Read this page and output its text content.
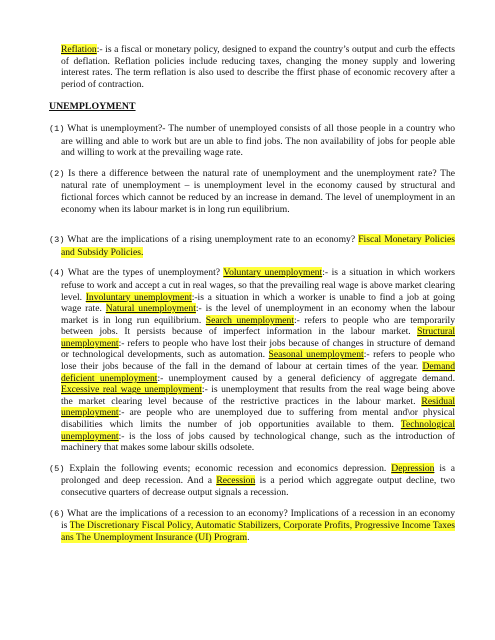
Reflation:- is a fiscal or monetary policy, designed to expand the country’s output and curb the effects of deflation. Reflation policies include reducing taxes, changing the money supply and lowering interest rates. The term reflation is also used to describe the ffirst phase of economic recovery after a period of contraction.

UNEMPLOYMENT

(1) What is unemployment?- The number of unemployed consists of all those people in a country who are willing and able to work but are un able to find jobs. The non availability of jobs for people able and willing to work at the prevailing wage rate.

(2) Is there a difference between the natural rate of unemployment and the unemployment rate? The natural rate of unemployment – is unemployment level in the economy caused by structural and fictional forces which cannot be reduced by an increase in demand. The level of unemployment in an economy when its labour market is in long run equilibrium.

(3) What are the implications of a rising unemployment rate to an economy? Fiscal Monetary Policies and Subsidy Policies.

(4) What are the types of unemployment? Voluntary unemployment:- is a situation in which workers refuse to work and accept a cut in real wages, so that the prevailing real wage is above market clearing level. Involuntary unemployment:-is a situation in which a worker is unable to find a job at going wage rate. Natural unemployment:- is the level of unemployment in an economy when the labour market is in long run equilibrium. Search unemployment:- refers to people who are temporarily between jobs. It persists because of imperfect information in the labour market. Structural unemployment:- refers to people who have lost their jobs because of changes in structure of demand or technological developments, such as automation. Seasonal unemployment:- refers to people who lose their jobs because of the fall in the demand of labour at certain times of the year. Demand deficient unemployment:- unemployment caused by a general deficiency of aggregate demand. Excessive real wage unemployment:- is unemployment that results from the real wage being above the market clearing level because of the restrictive practices in the labour market. Residual unemployment:- are people who are unemployed due to suffering from mental and\or physical disabilities which limits the number of job opportunities available to them. Technological unemployment:- is the loss of jobs caused by technological change, such as the introduction of machinery that makes some labour skills odsolete.

(5) Explain the following events; economic recession and economics depression. Depression is a prolonged and deep recession. And a Recession is a period which aggregate output decline, two consecutive quarters of decrease output signals a recession.

(6) What are the implications of a recession to an economy? Implications of a recession in an economy is The Discretionary Fiscal Policy, Automatic Stabilizers, Corporate Profits, Progressive Income Taxes ans The Unemployment Insurance (UI) Program.
